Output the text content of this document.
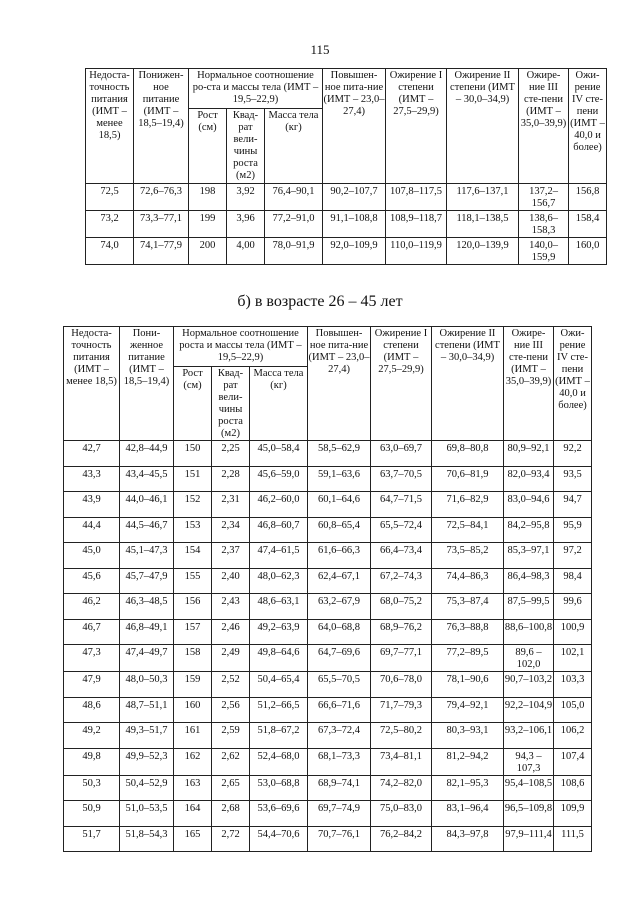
115
Недоста-точность питания (ИМТ – менее 18,5)	Понижен-ное питание (ИМТ – 18,5–19,4)	Нормальное соотношение ро-ста и массы тела (ИМТ – 19,5–22,9)			Повышен-ное пита-ние (ИМТ – 23,0–27,4)	Ожирение I степени (ИМТ – 27,5–29,9)	Ожирение II степени (ИМТ – 30,0–34,9)	Ожире-ние III сте-пени (ИМТ – 35,0–39,9)	Ожи-рение IV сте-пени (ИМТ – 40,0 и более)
		Рост (см)	Квад-рат вели-чины роста (м2)	Масса тела (кг)					
72,5	72,6–76,3	198	3,92	76,4–90,1	90,2–107,7	107,8–117,5	117,6–137,1	137,2–156,7	156,8
73,2	73,3–77,1	199	3,96	77,2–91,0	91,1–108,8	108,9–118,7	118,1–138,5	138,6–158,3	158,4
74,0	74,1–77,9	200	4,00	78,0–91,9	92,0–109,9	110,0–119,9	120,0–139,9	140,0–159,9	160,0
б) в возрасте 26 – 45 лет
Недоста-точность питания (ИМТ – менее 18,5)	Пони-женное питание (ИМТ – 18,5–19,4)	Нормальное соотношение роста и массы тела (ИМТ – 19,5–22,9)			Повышен-ное пита-ние (ИМТ – 23,0–27,4)	Ожирение I степени (ИМТ – 27,5–29,9)	Ожирение II степени (ИМТ – 30,0–34,9)	Ожире-ние III сте-пени (ИМТ – 35,0–39,9)	Ожи-рение IV сте-пени (ИМТ – 40,0 и более)
		Рост (см)	Квад-рат вели-чины роста (м2)	Масса тела (кг)					
42,7	42,8–44,9	150	2,25	45,0–58,4	58,5–62,9	63,0–69,7	69,8–80,8	80,9–92,1	92,2
43,3	43,4–45,5	151	2,28	45,6–59,0	59,1–63,6	63,7–70,5	70,6–81,9	82,0–93,4	93,5
43,9	44,0–46,1	152	2,31	46,2–60,0	60,1–64,6	64,7–71,5	71,6–82,9	83,0–94,6	94,7
44,4	44,5–46,7	153	2,34	46,8–60,7	60,8–65,4	65,5–72,4	72,5–84,1	84,2–95,8	95,9
45,0	45,1–47,3	154	2,37	47,4–61,5	61,6–66,3	66,4–73,4	73,5–85,2	85,3–97,1	97,2
45,6	45,7–47,9	155	2,40	48,0–62,3	62,4–67,1	67,2–74,3	74,4–86,3	86,4–98,3	98,4
46,2	46,3–48,5	156	2,43	48,6–63,1	63,2–67,9	68,0–75,2	75,3–87,4	87,5–99,5	99,6
46,7	46,8–49,1	157	2,46	49,2–63,9	64,0–68,8	68,9–76,2	76,3–88,8	88,6–100,8	100,9
47,3	47,4–49,7	158	2,49	49,8–64,6	64,7–69,6	69,7–77,1	77,2–89,5	89,6 –102,0	102,1
47,9	48,0–50,3	159	2,52	50,4–65,4	65,5–70,5	70,6–78,0	78,1–90,6	90,7–103,2	103,3
48,6	48,7–51,1	160	2,56	51,2–66,5	66,6–71,6	71,7–79,3	79,4–92,1	92,2–104,9	105,0
49,2	49,3–51,7	161	2,59	51,8–67,2	67,3–72,4	72,5–80,2	80,3–93,1	93,2–106,1	106,2
49,8	49,9–52,3	162	2,62	52,4–68,0	68,1–73,3	73,4–81,1	81,2–94,2	94,3 –107,3	107,4
50,3	50,4–52,9	163	2,65	53,0–68,8	68,9–74,1	74,2–82,0	82,1–95,3	95,4–108,5	108,6
50,9	51,0–53,5	164	2,68	53,6–69,6	69,7–74,9	75,0–83,0	83,1–96,4	96,5–109,8	109,9
51,7	51,8–54,3	165	2,72	54,4–70,6	70,7–76,1	76,2–84,2	84,3–97,8	97,9–111,4	111,5
